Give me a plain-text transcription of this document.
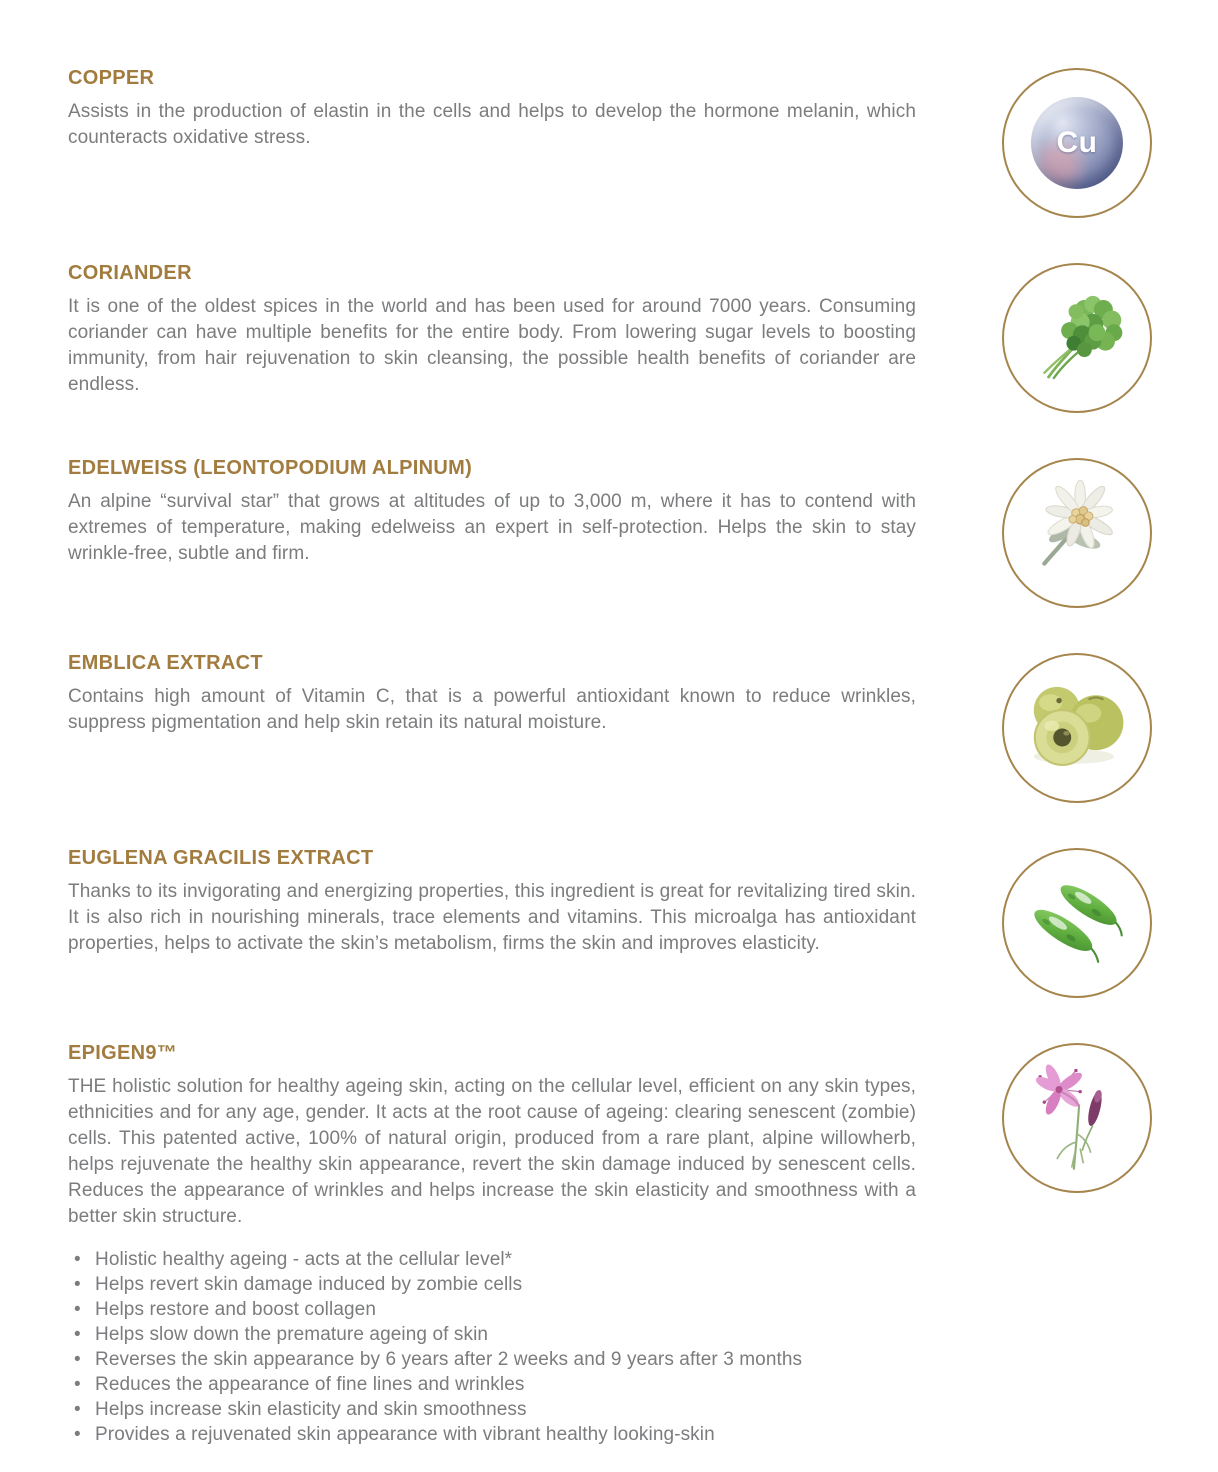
COPPER

Assists in the production of elastin in the cells and helps to develop the hormone melanin, which counteracts oxidative stress.	Cu
CORIANDER

It is one of the oldest spices in the world and has been used for around 7000 years. Consuming coriander can have multiple benefits for the entire body. From lowering sugar levels to boosting immunity, from hair rejuvenation to skin cleansing, the possible health benefits of coriander are endless.

EDELWEISS (LEONTOPODIUM ALPINUM)

An alpine “survival star” that grows at altitudes of up to 3,000 m, where it has to contend with extremes of temperature, making edelweiss an expert in self-protection. Helps the skin to stay wrinkle-free, subtle and firm.

EMBLICA EXTRACT

Contains high amount of Vitamin C, that is a powerful antioxidant known to reduce wrinkles, suppress pigmentation and help skin retain its natural moisture.

EUGLENA GRACILIS EXTRACT

Thanks to its invigorating and energizing properties, this ingredient is great for revitalizing tired skin. It is also rich in nourishing minerals, trace elements and vitamins. This microalga has antioxidant properties, helps to activate the skin’s metabolism, firms the skin and improves elasticity.

EPIGEN9™

THE holistic solution for healthy ageing skin, acting on the cellular level, efficient on any skin types, ethnicities and for any age, gender. It acts at the root cause of ageing: clearing senescent (zombie) cells. This patented active, 100% of natural origin, produced from a rare plant, alpine willowherb, helps rejuvenate the healthy skin appearance, revert the skin damage induced by senescent cells. Reduces the appearance of wrinkles and helps increase the skin elasticity and smoothness with a better skin structure.

• Holistic healthy ageing - acts at the cellular level*
• Helps revert skin damage induced by zombie cells
• Helps restore and boost collagen
• Helps slow down the premature ageing of skin
• Reverses the skin appearance by 6 years after 2 weeks and 9 years after 3 months
• Reduces the appearance of fine lines and wrinkles
• Helps increase skin elasticity and skin smoothness
• Provides a rejuvenated skin appearance with vibrant healthy looking-skin
